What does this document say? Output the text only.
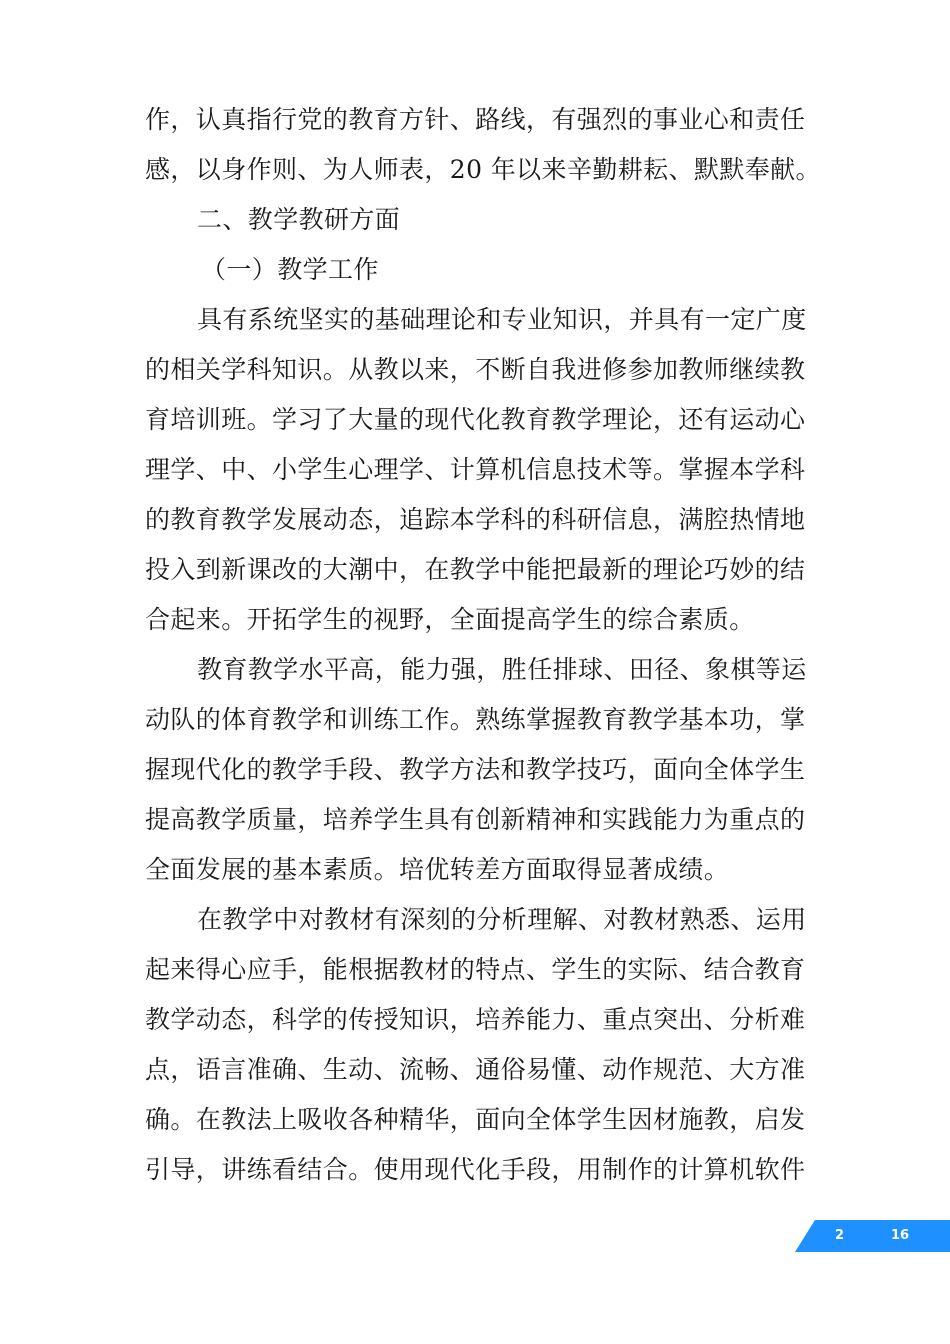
作，认真指行党的教育方针、路线，有强烈的事业心和责任
感，以身作则、为人师表，20 年以来辛勤耕耘、默默奉献。
二、教学教研方面
（一）教学工作
具有系统坚实的基础理论和专业知识，并具有一定广度
的相关学科知识。从教以来，不断自我进修参加教师继续教
育培训班。学习了大量的现代化教育教学理论，还有运动心
理学、中、小学生心理学、计算机信息技术等。掌握本学科
的教育教学发展动态，追踪本学科的科研信息，满腔热情地
投入到新课改的大潮中，在教学中能把最新的理论巧妙的结
合起来。开拓学生的视野，全面提高学生的综合素质。
教育教学水平高，能力强，胜任排球、田径、象棋等运
动队的体育教学和训练工作。熟练掌握教育教学基本功，掌
握现代化的教学手段、教学方法和教学技巧，面向全体学生
提高教学质量，培养学生具有创新精神和实践能力为重点的
全面发展的基本素质。培优转差方面取得显著成绩。
在教学中对教材有深刻的分析理解、对教材熟悉、运用
起来得心应手，能根据教材的特点、学生的实际、结合教育
教学动态，科学的传授知识，培养能力、重点突出、分析难
点，语言准确、生动、流畅、通俗易懂、动作规范、大方准
确。在教法上吸收各种精华，面向全体学生因材施教，启发
引导，讲练看结合。使用现代化手段，用制作的计算机软件
2	16
